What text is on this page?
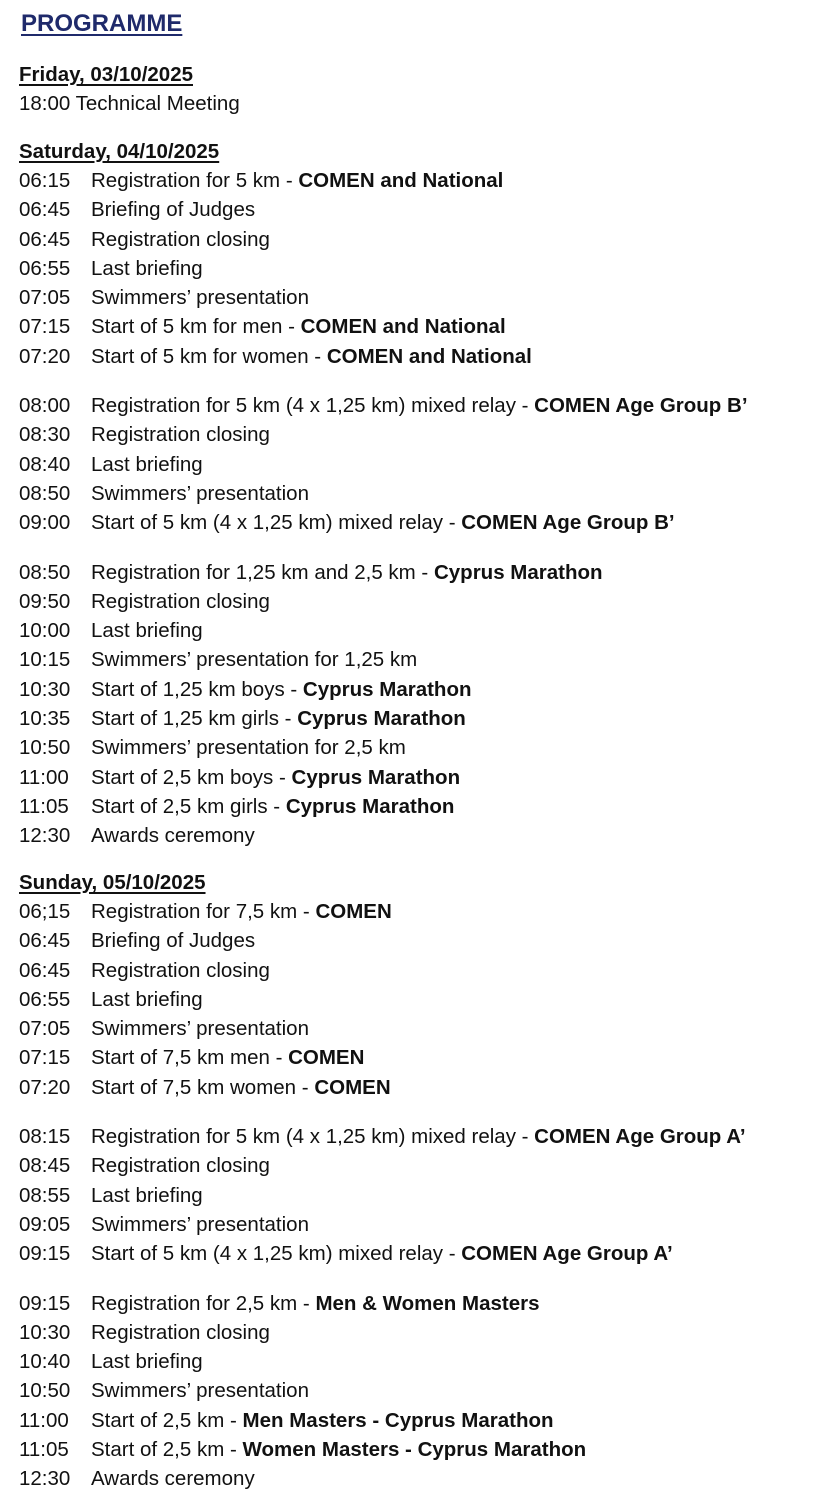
PROGRAMME
Friday, 03/10/2025
18:00 Technical Meeting
Saturday, 04/10/2025
06:15	Registration for 5 km - COMEN and National
06:45	Briefing of Judges
06:45	Registration closing
06:55	Last briefing
07:05	Swimmers’ presentation
07:15	Start of 5 km for men - COMEN and National
07:20	Start of 5 km for women - COMEN and National
08:00	Registration for 5 km (4 x 1,25 km) mixed relay - COMEN Age Group B’
08:30	Registration closing
08:40	Last briefing
08:50	Swimmers’ presentation
09:00	Start of 5 km (4 x 1,25 km) mixed relay - COMEN Age Group B’
08:50	Registration for 1,25 km and 2,5 km - Cyprus Marathon
09:50	Registration closing
10:00	Last briefing
10:15	Swimmers’ presentation for 1,25 km
10:30	Start of 1,25 km boys - Cyprus Marathon
10:35	Start of 1,25 km girls - Cyprus Marathon
10:50	Swimmers’ presentation for 2,5 km
11:00	Start of 2,5 km boys - Cyprus Marathon
11:05	Start of 2,5 km girls - Cyprus Marathon
12:30	Awards ceremony
Sunday, 05/10/2025
06;15	Registration for 7,5 km - COMEN
06:45	Briefing of Judges
06:45	Registration closing
06:55	Last briefing
07:05	Swimmers’ presentation
07:15	Start of 7,5 km men - COMEN
07:20	Start of 7,5 km women - COMEN
08:15	Registration for 5 km (4 x 1,25 km) mixed relay - COMEN Age Group A’
08:45	Registration closing
08:55	Last briefing
09:05	Swimmers’ presentation
09:15	Start of 5 km (4 x 1,25 km) mixed relay - COMEN Age Group A’
09:15	Registration for 2,5 km - Men & Women Masters
10:30	Registration closing
10:40	Last briefing
10:50	Swimmers’ presentation
11:00	Start of 2,5 km - Men Masters - Cyprus Marathon
11:05	Start of 2,5 km - Women Masters - Cyprus Marathon
12:30	Awards ceremony
